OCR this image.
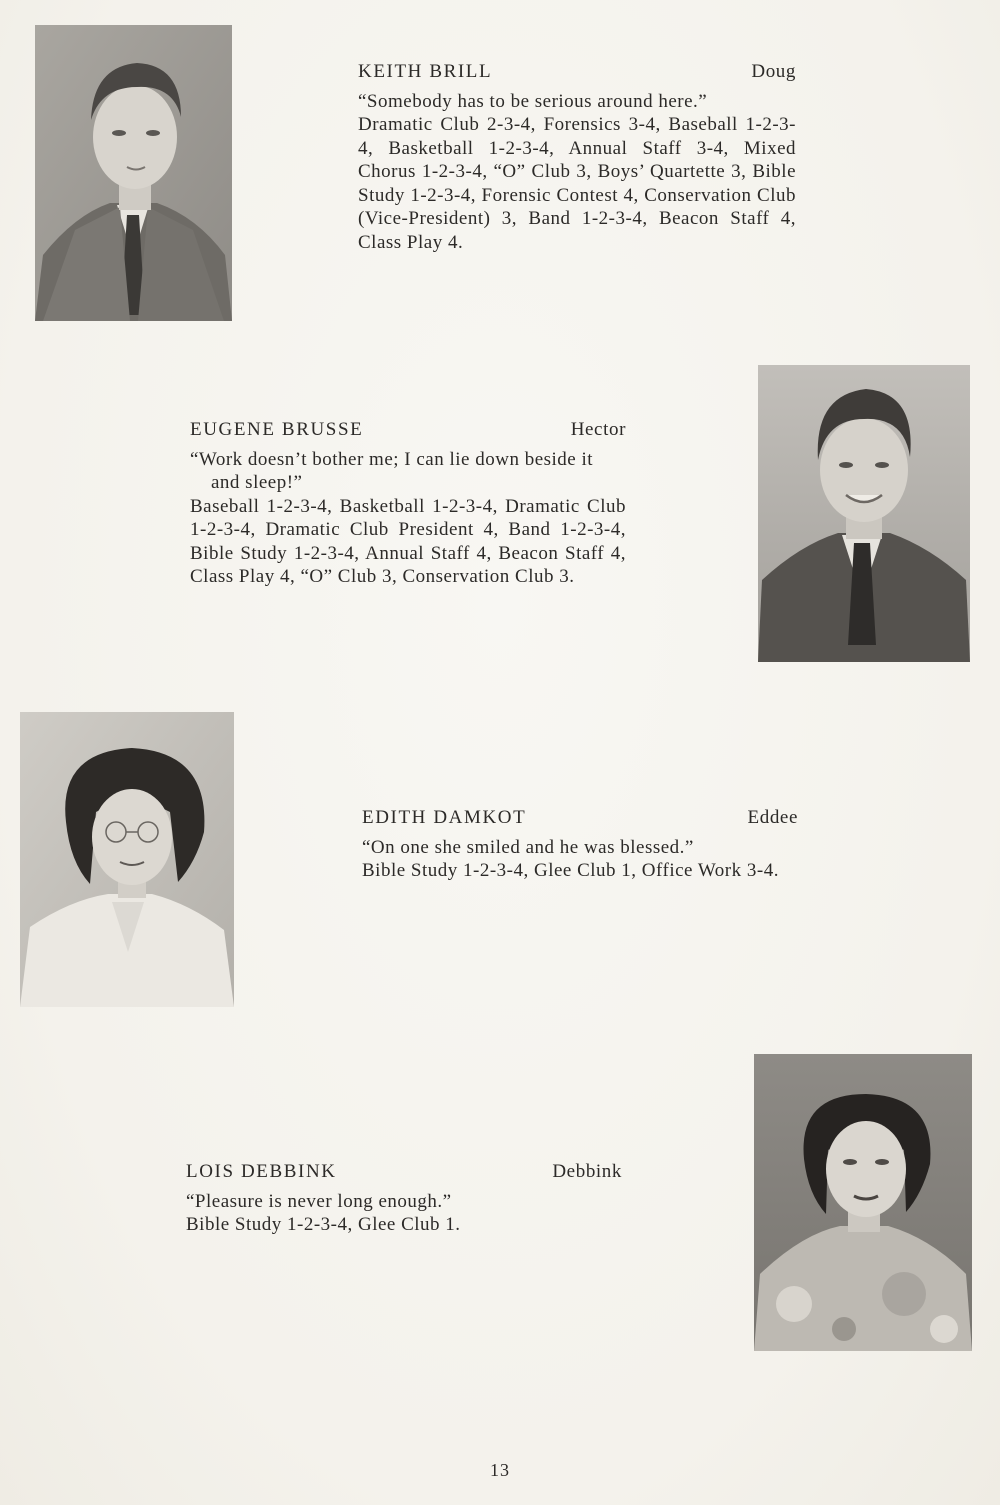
KEITH BRILL	Doug
“Somebody has to be serious around here.”
Dramatic Club 2-3-4, Forensics 3-4, Baseball 1-2-3-4, Basketball 1-2-3-4, Annual Staff 3-4, Mixed Chorus 1-2-3-4, “O” Club 3, Boys’ Quartette 3, Bible Study 1-2-3-4, Forensic Contest 4, Conservation Club (Vice-President) 3, Band 1-2-3-4, Beacon Staff 4, Class Play 4.
EUGENE BRUSSE	Hector
“Work doesn’t bother me; I can lie down beside it and sleep!”
Baseball 1-2-3-4, Basketball 1-2-3-4, Dramatic Club 1-2-3-4, Dramatic Club President 4, Band 1-2-3-4, Bible Study 1-2-3-4, Annual Staff 4, Beacon Staff 4, Class Play 4, “O” Club 3, Conservation Club 3.
EDITH DAMKOT	Eddee
“On one she smiled and he was blessed.”
Bible Study 1-2-3-4, Glee Club 1, Office Work 3-4.
LOIS DEBBINK	Debbink
“Pleasure is never long enough.”
Bible Study 1-2-3-4, Glee Club 1.
13
